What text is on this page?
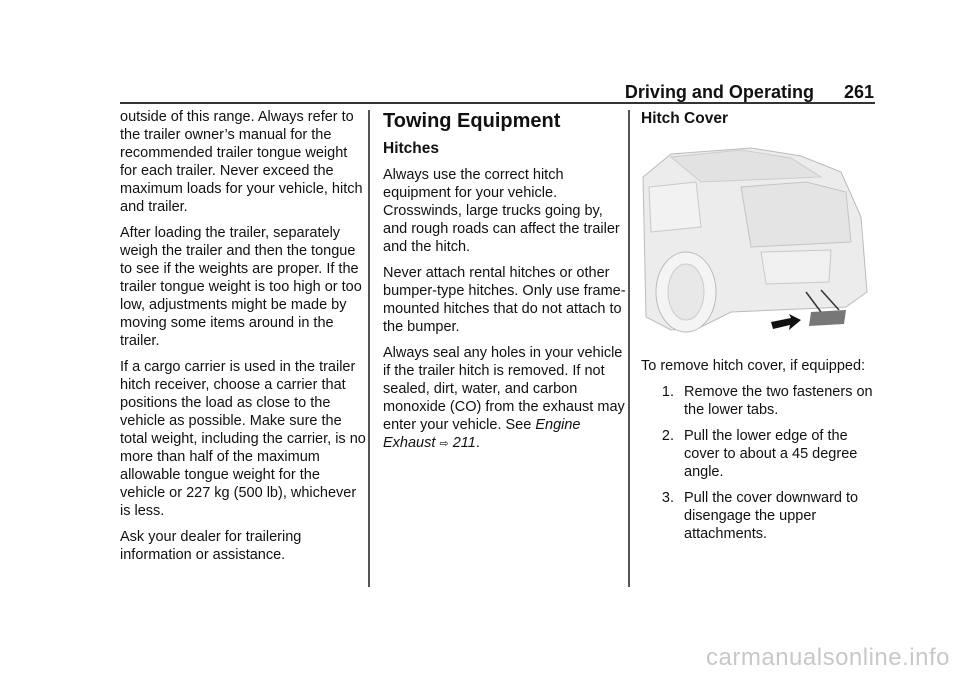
Driving and Operating 261

outside of this range. Always refer to the trailer owner’s manual for the recommended trailer tongue weight for each trailer. Never exceed the maximum loads for your vehicle, hitch and trailer.

After loading the trailer, separately weigh the trailer and then the tongue to see if the weights are proper. If the trailer tongue weight is too high or too low, adjustments might be made by moving some items around in the trailer.

If a cargo carrier is used in the trailer hitch receiver, choose a carrier that positions the load as close to the vehicle as possible. Make sure the total weight, including the carrier, is no more than half of the maximum allowable tongue weight for the vehicle or 227 kg (500 lb), whichever is less.

Ask your dealer for trailering information or assistance.

Towing Equipment
Hitches

Always use the correct hitch equipment for your vehicle. Crosswinds, large trucks going by, and rough roads can affect the trailer and the hitch.

Never attach rental hitches or other bumper-type hitches. Only use frame-mounted hitches that do not attach to the bumper.

Always seal any holes in your vehicle if the trailer hitch is removed. If not sealed, dirt, water, and carbon monoxide (CO) from the exhaust may enter your vehicle. See Engine Exhaust ⇨ 211.

Hitch Cover

To remove hitch cover, if equipped:

1. Remove the two fasteners on the lower tabs.
2. Pull the lower edge of the cover to about a 45 degree angle.
3. Pull the cover downward to disengage the upper attachments.
carmanualsonline.info
